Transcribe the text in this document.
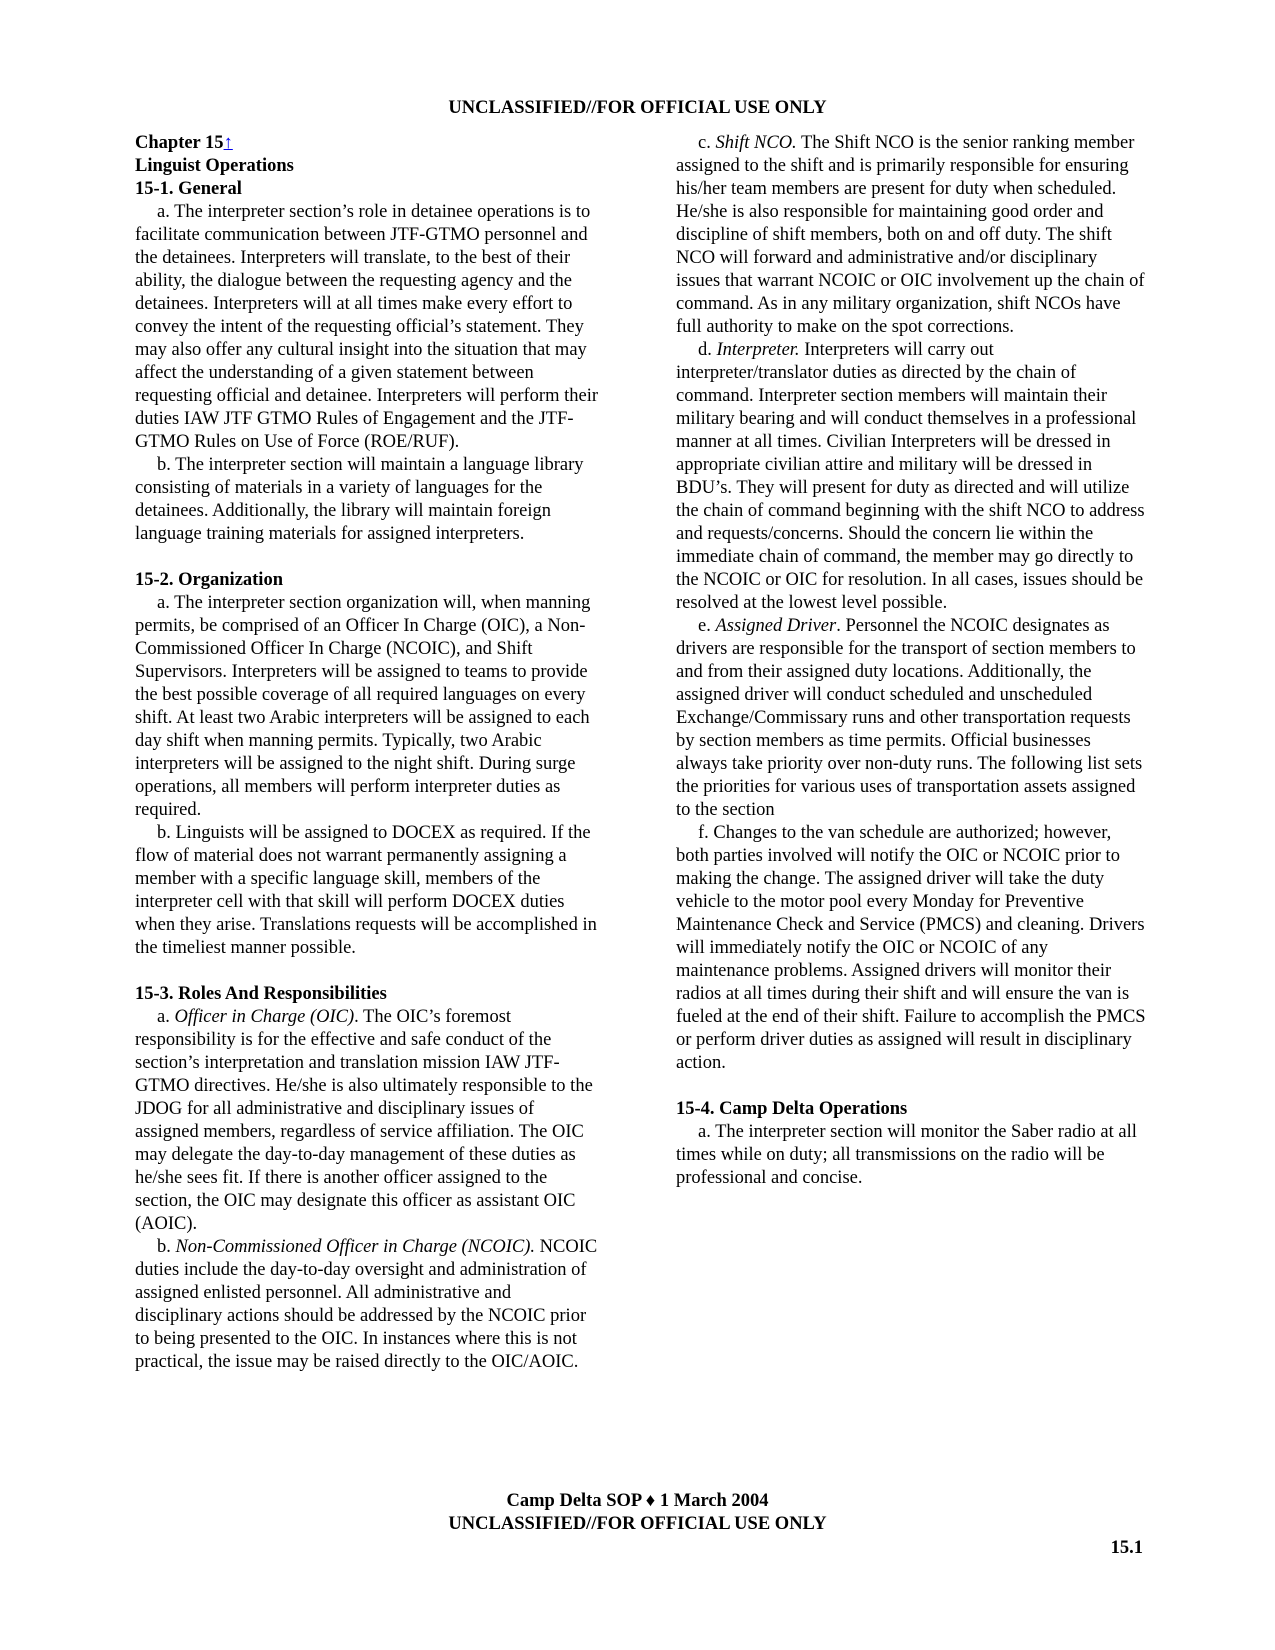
UNCLASSIFIED//FOR OFFICIAL USE ONLY
Chapter 15↑
Linguist Operations
15-1. General

a. The interpreter section’s role in detainee operations is to facilitate communication between JTF-GTMO personnel and the detainees. Interpreters will translate, to the best of their ability, the dialogue between the requesting agency and the detainees. Interpreters will at all times make every effort to convey the intent of the requesting official’s statement. They may also offer any cultural insight into the situation that may affect the understanding of a given statement between requesting official and detainee. Interpreters will perform their duties IAW JTF GTMO Rules of Engagement and the JTF-GTMO Rules on Use of Force (ROE/RUF).

b. The interpreter section will maintain a language library consisting of materials in a variety of languages for the detainees. Additionally, the library will maintain foreign language training materials for assigned interpreters.

15-2. Organization

a. The interpreter section organization will, when manning permits, be comprised of an Officer In Charge (OIC), a Non-Commissioned Officer In Charge (NCOIC), and Shift Supervisors. Interpreters will be assigned to teams to provide the best possible coverage of all required languages on every shift. At least two Arabic interpreters will be assigned to each day shift when manning permits. Typically, two Arabic interpreters will be assigned to the night shift. During surge operations, all members will perform interpreter duties as required.

b. Linguists will be assigned to DOCEX as required. If the flow of material does not warrant permanently assigning a member with a specific language skill, members of the interpreter cell with that skill will perform DOCEX duties when they arise. Translations requests will be accomplished in the timeliest manner possible.

15-3. Roles And Responsibilities

a. Officer in Charge (OIC). The OIC’s foremost responsibility is for the effective and safe conduct of the section’s interpretation and translation mission IAW JTF-GTMO directives. He/she is also ultimately responsible to the JDOG for all administrative and disciplinary issues of assigned members, regardless of service affiliation. The OIC may delegate the day-to-day management of these duties as he/she sees fit. If there is another officer assigned to the section, the OIC may designate this officer as assistant OIC (AOIC).

b. Non-Commissioned Officer in Charge (NCOIC). NCOIC duties include the day-to-day oversight and administration of assigned enlisted personnel. All administrative and disciplinary actions should be addressed by the NCOIC prior to being presented to the OIC. In instances where this is not practical, the issue may be raised directly to the OIC/AOIC.

c. Shift NCO. The Shift NCO is the senior ranking member assigned to the shift and is primarily responsible for ensuring his/her team members are present for duty when scheduled. He/she is also responsible for maintaining good order and discipline of shift members, both on and off duty. The shift NCO will forward and administrative and/or disciplinary issues that warrant NCOIC or OIC involvement up the chain of command. As in any military organization, shift NCOs have full authority to make on the spot corrections.

d. Interpreter. Interpreters will carry out interpreter/translator duties as directed by the chain of command. Interpreter section members will maintain their military bearing and will conduct themselves in a professional manner at all times. Civilian Interpreters will be dressed in appropriate civilian attire and military will be dressed in BDU’s. They will present for duty as directed and will utilize the chain of command beginning with the shift NCO to address and requests/concerns. Should the concern lie within the immediate chain of command, the member may go directly to the NCOIC or OIC for resolution. In all cases, issues should be resolved at the lowest level possible.

e. Assigned Driver. Personnel the NCOIC designates as drivers are responsible for the transport of section members to and from their assigned duty locations. Additionally, the assigned driver will conduct scheduled and unscheduled Exchange/Commissary runs and other transportation requests by section members as time permits. Official businesses always take priority over non-duty runs. The following list sets the priorities for various uses of transportation assets assigned to the section

f. Changes to the van schedule are authorized; however, both parties involved will notify the OIC or NCOIC prior to making the change. The assigned driver will take the duty vehicle to the motor pool every Monday for Preventive Maintenance Check and Service (PMCS) and cleaning. Drivers will immediately notify the OIC or NCOIC of any maintenance problems. Assigned drivers will monitor their radios at all times during their shift and will ensure the van is fueled at the end of their shift. Failure to accomplish the PMCS or perform driver duties as assigned will result in disciplinary action.

15-4. Camp Delta Operations

a. The interpreter section will monitor the Saber radio at all times while on duty; all transmissions on the radio will be professional and concise.

Camp Delta SOP ♦ 1 March 2004
UNCLASSIFIED//FOR OFFICIAL USE ONLY
15.1
